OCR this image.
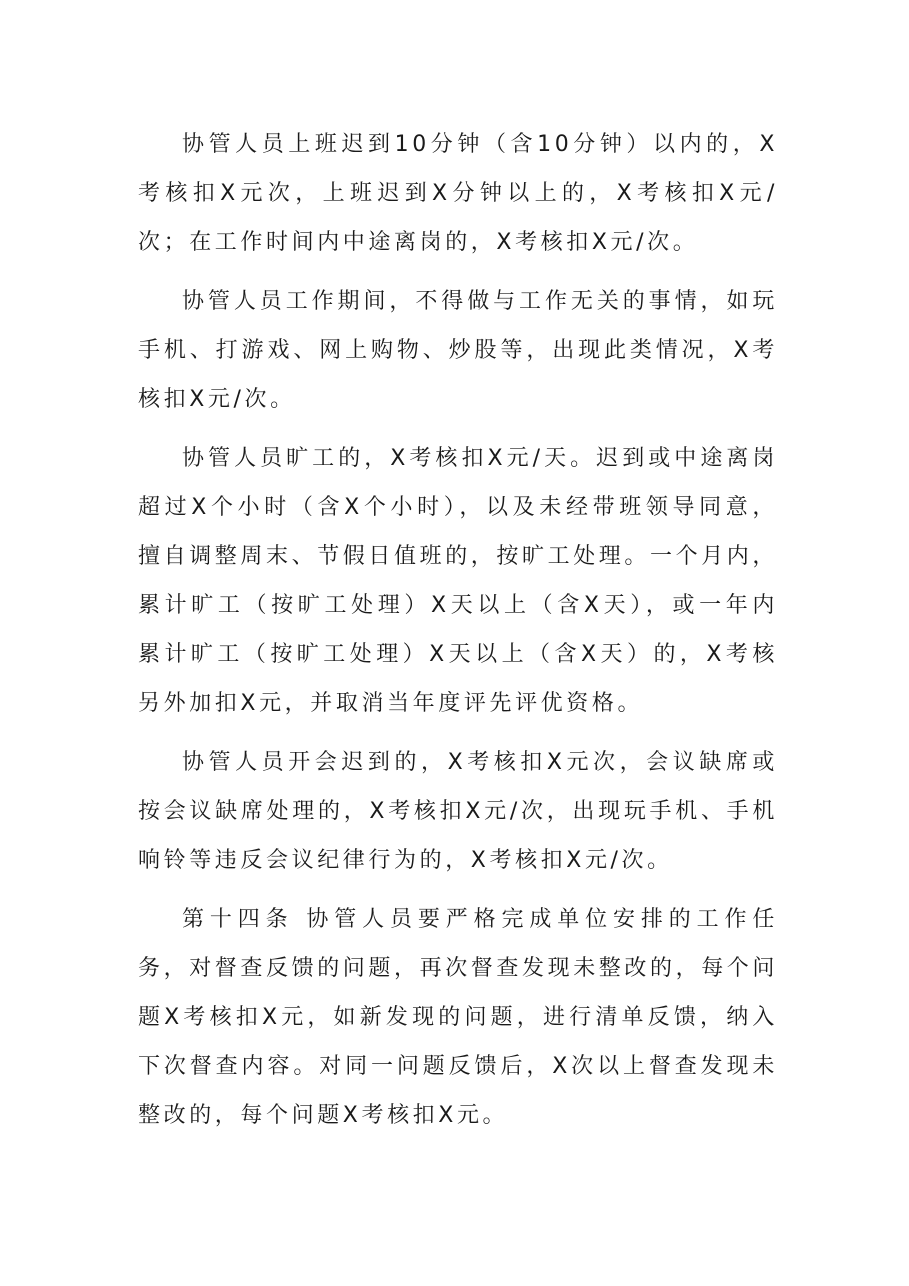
协管人员上班迟到10分钟（含10分钟）以内的，X考核扣X元次，上班迟到X分钟以上的，X考核扣X元/次；在工作时间内中途离岗的，X考核扣X元/次。

协管人员工作期间，不得做与工作无关的事情，如玩手机、打游戏、网上购物、炒股等，出现此类情况，X考核扣X元/次。

协管人员旷工的，X考核扣X元/天。迟到或中途离岗超过X个小时（含X个小时），以及未经带班领导同意，擅自调整周末、节假日值班的，按旷工处理。一个月内，累计旷工（按旷工处理）X天以上（含X天），或一年内累计旷工（按旷工处理）X天以上（含X天）的，X考核另外加扣X元，并取消当年度评先评优资格。

协管人员开会迟到的，X考核扣X元次，会议缺席或按会议缺席处理的，X考核扣X元/次，出现玩手机、手机响铃等违反会议纪律行为的，X考核扣X元/次。

第十四条 协管人员要严格完成单位安排的工作任务，对督查反馈的问题，再次督查发现未整改的，每个问题X考核扣X元，如新发现的问题，进行清单反馈，纳入下次督查内容。对同一问题反馈后，X次以上督查发现未整改的，每个问题X考核扣X元。
